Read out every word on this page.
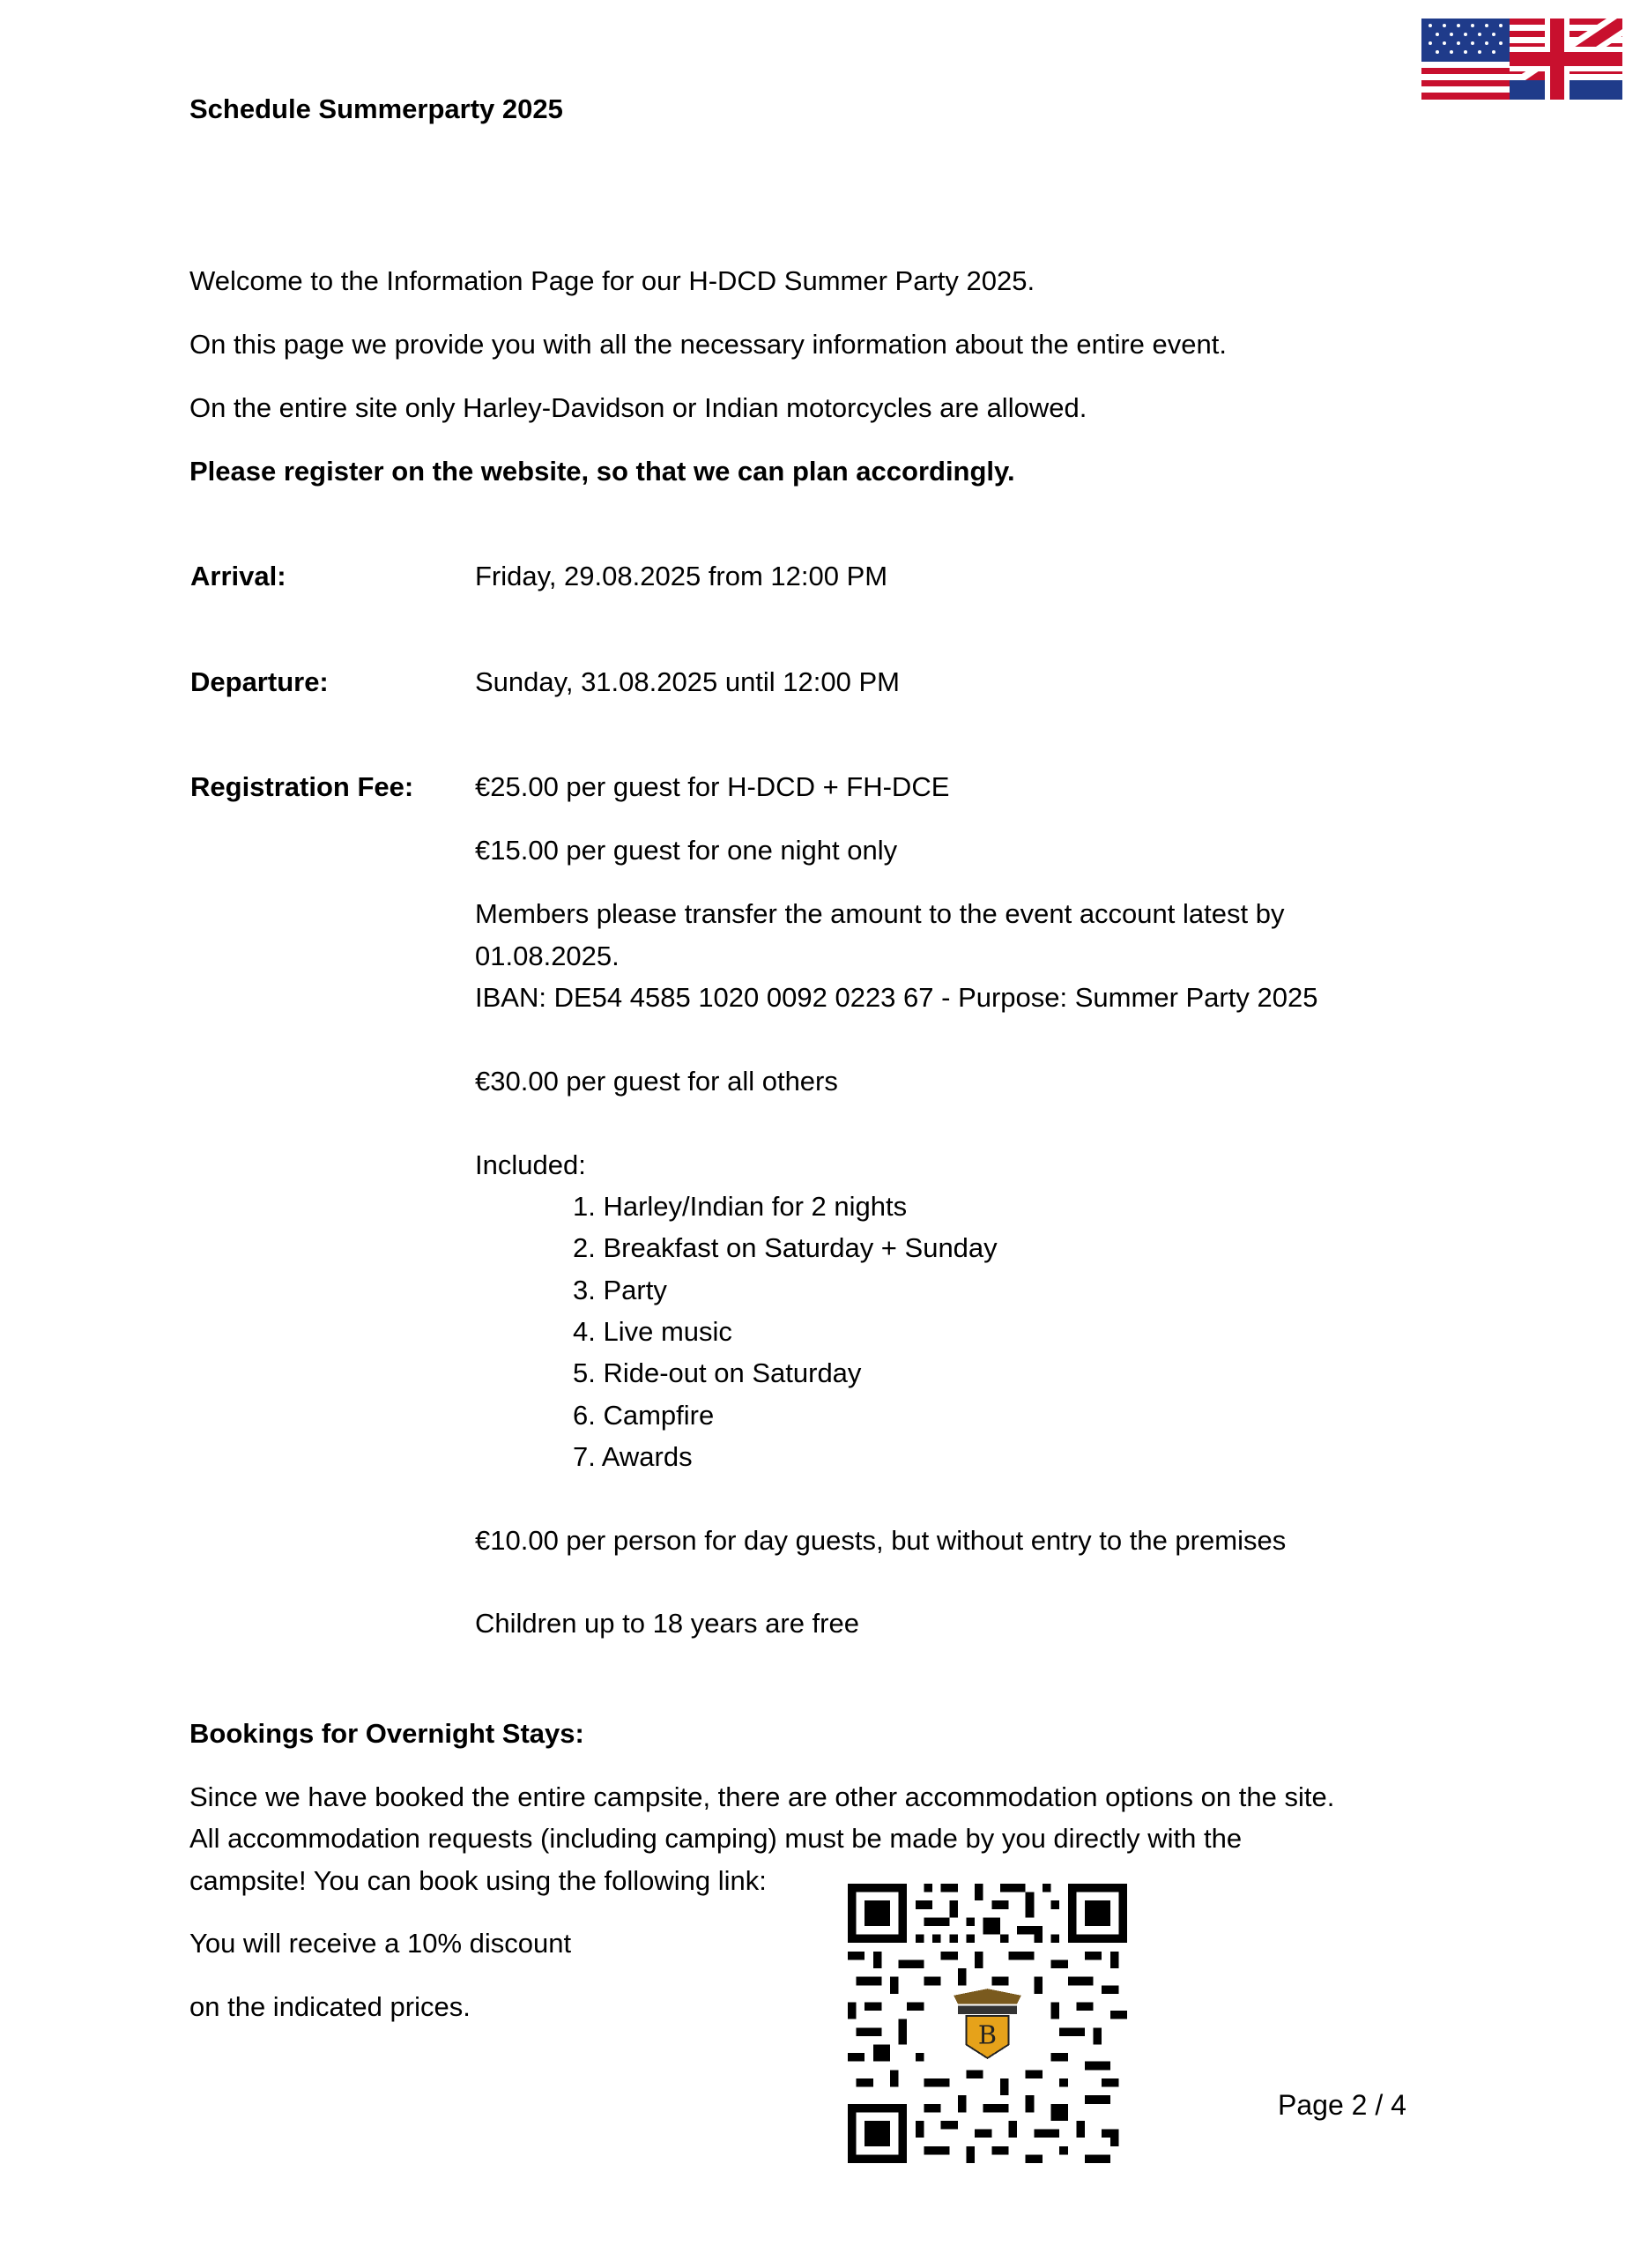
Schedule Summerparty 2025
Welcome to the Information Page for our H-DCD Summer Party 2025.
On this page we provide you with all the necessary information about the entire event.
On the entire site only Harley-Davidson or Indian motorcycles are allowed.
Please register on the website, so that we can plan accordingly.
Arrival:	Friday, 29.08.2025 from 12:00 PM
Departure:	Sunday, 31.08.2025 until 12:00 PM
Registration Fee: €25.00 per guest for H-DCD + FH-DCE
€15.00 per guest for one night only
Members please transfer the amount to the event account latest by
01.08.2025.
IBAN: DE54 4585 1020 0092 0223 67 - Purpose: Summer Party 2025
€30.00 per guest for all others
Included:
1. Harley/Indian for 2 nights
2. Breakfast on Saturday + Sunday
3. Party
4. Live music
5. Ride-out on Saturday
6. Campfire
7. Awards
€10.00 per person for day guests, but without entry to the premises
Children up to 18 years are free
Bookings for Overnight Stays:
Since we have booked the entire campsite, there are other accommodation options on the site.
All accommodation requests (including camping) must be made by you directly with the
campsite! You can book using the following link:
You will receive a 10% discount
on the indicated prices.
B
Page 2 / 4
